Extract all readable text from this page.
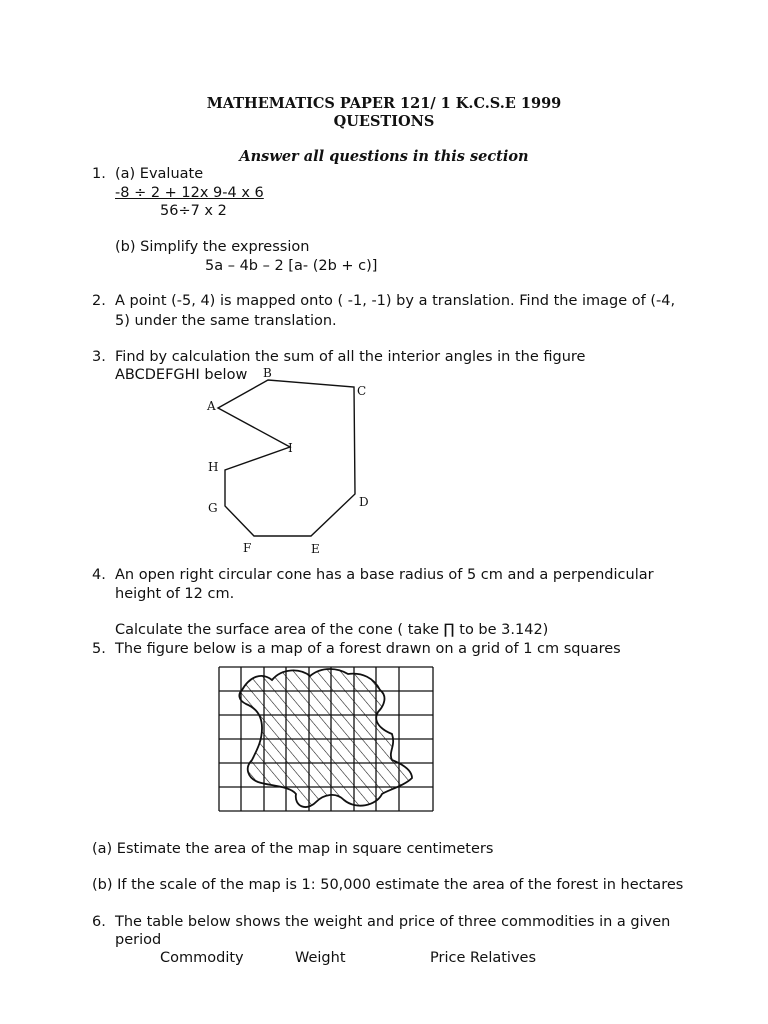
MATHEMATICS PAPER 121/ 1 K.C.S.E 1999
QUESTIONS
Answer all questions in this section
1. (a) Evaluate
-8 ÷ 2 + 12x 9-4 x 6
56÷7 x 2
(b) Simplify the expression
5a – 4b – 2 [a- (2b + c)]
2. A point (-5, 4) is mapped onto ( -1, -1) by a translation. Find the image of (-4,
5) under the same translation.
3. Find by calculation the sum of all the interior angles in the figure
ABCDEFGHI below
A
B
C
D
E
F
G
H
I
4. An open right circular cone has a base radius of 5 cm and a perpendicular
height of 12 cm.
Calculate the surface area of the cone ( take ∏ to be 3.142)
5. The figure below is a map of a forest drawn on a grid of 1 cm squares
(a) Estimate the area of the map in square centimeters
(b) If the scale of the map is 1: 50,000 estimate the area of the forest in hectares
6. The table below shows the weight and price of three commodities in a given
period
Commodity	Weight	Price Relatives
